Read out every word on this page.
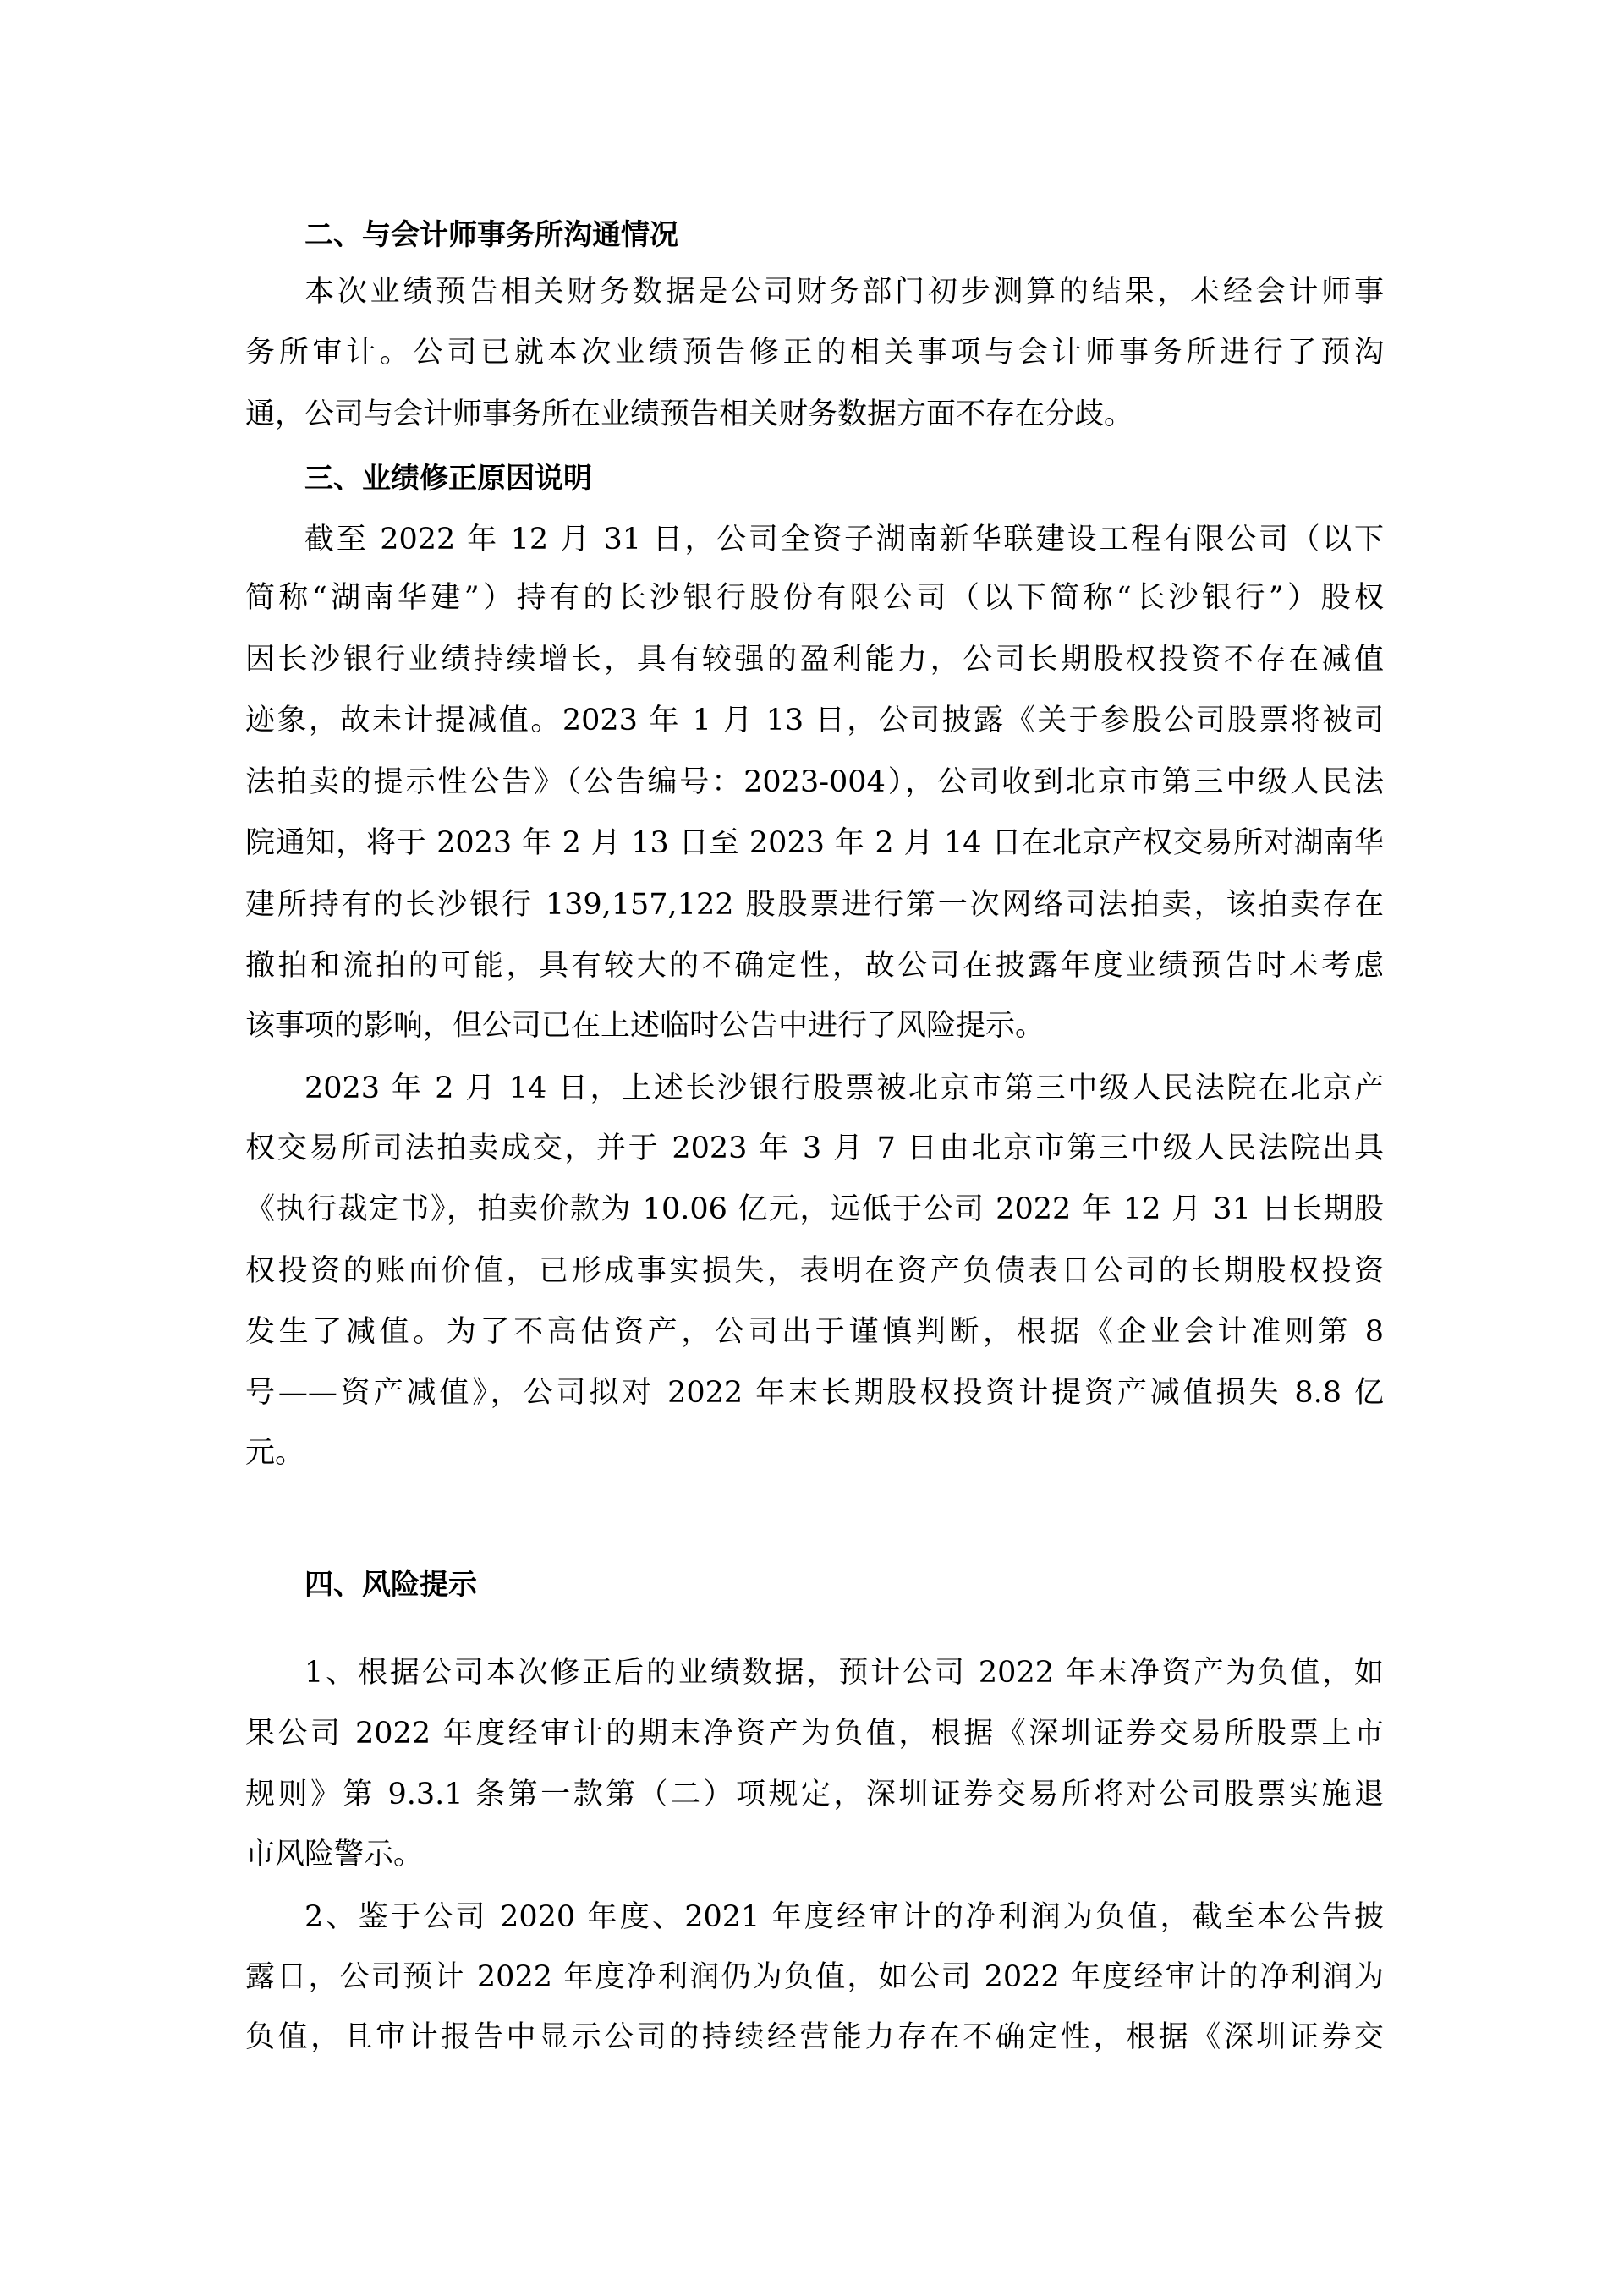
二、与会计师事务所沟通情况
本次业绩预告相关财务数据是公司财务部门初步测算的结果，未经会计师事
务所审计。公司已就本次业绩预告修正的相关事项与会计师事务所进行了预沟
通，公司与会计师事务所在业绩预告相关财务数据方面不存在分歧。
三、业绩修正原因说明
截至 2022 年 12 月 31 日，公司全资子湖南新华联建设工程有限公司（以下
简称“湖南华建”）持有的长沙银行股份有限公司（以下简称“长沙银行”）股权
因长沙银行业绩持续增长，具有较强的盈利能力，公司长期股权投资不存在减值
迹象，故未计提减值。2023 年 1 月 13 日，公司披露《关于参股公司股票将被司
法拍卖的提示性公告》（公告编号：2023-004），公司收到北京市第三中级人民法
院通知，将于 2023 年 2 月 13 日至 2023 年 2 月 14 日在北京产权交易所对湖南华
建所持有的长沙银行 139,157,122 股股票进行第一次网络司法拍卖，该拍卖存在
撤拍和流拍的可能，具有较大的不确定性，故公司在披露年度业绩预告时未考虑
该事项的影响，但公司已在上述临时公告中进行了风险提示。
2023 年 2 月 14 日，上述长沙银行股票被北京市第三中级人民法院在北京产
权交易所司法拍卖成交，并于 2023 年 3 月 7 日由北京市第三中级人民法院出具
《执行裁定书》，拍卖价款为 10.06 亿元，远低于公司 2022 年 12 月 31 日长期股
权投资的账面价值，已形成事实损失，表明在资产负债表日公司的长期股权投资
发生了减值。为了不高估资产，公司出于谨慎判断，根据《企业会计准则第 8
号——资产减值》，公司拟对 2022 年末长期股权投资计提资产减值损失 8.8 亿
元。
四、风险提示
1、根据公司本次修正后的业绩数据，预计公司 2022 年末净资产为负值，如
果公司 2022 年度经审计的期末净资产为负值，根据《深圳证券交易所股票上市
规则》第 9.3.1 条第一款第（二）项规定，深圳证券交易所将对公司股票实施退
市风险警示。
2、鉴于公司 2020 年度、2021 年度经审计的净利润为负值，截至本公告披
露日，公司预计 2022 年度净利润仍为负值，如公司 2022 年度经审计的净利润为
负值，且审计报告中显示公司的持续经营能力存在不确定性，根据《深圳证券交
